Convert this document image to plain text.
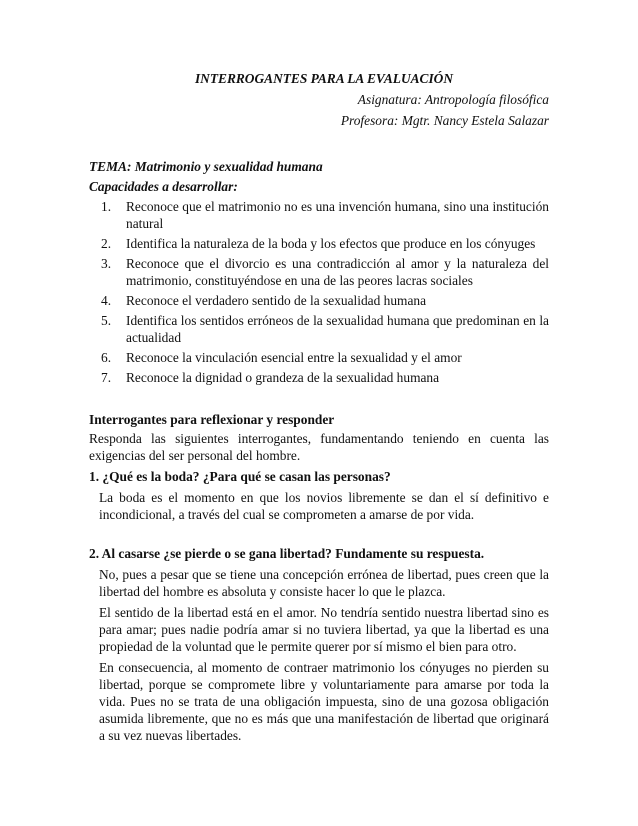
INTERROGANTES PARA LA EVALUACIÓN

Asignatura: Antropología filosófica

Profesora: Mgtr. Nancy Estela Salazar

TEMA: Matrimonio y sexualidad humana

Capacidades a desarrollar:

1.	Reconoce que el matrimonio no es una invención humana, sino una institución natural
2.	Identifica la naturaleza de la boda y los efectos que produce en los cónyuges
3.	Reconoce que el divorcio es una contradicción al amor y la naturaleza del matrimonio, constituyéndose en una de las peores lacras sociales
4.	Reconoce el verdadero sentido de la sexualidad humana
5.	Identifica los sentidos erróneos de la sexualidad humana que predominan en la actualidad
6.	Reconoce la vinculación esencial entre la sexualidad y el amor
7.	Reconoce la dignidad o grandeza de la sexualidad humana

Interrogantes para reflexionar y responder

Responda las siguientes interrogantes, fundamentando teniendo en cuenta las exigencias del ser personal del hombre.

1. ¿Qué es la boda? ¿Para qué se casan las personas?

La boda es el momento en que los novios libremente se dan el sí definitivo e incondicional, a través del cual se comprometen a amarse de por vida.

2. Al casarse ¿se pierde o se gana libertad? Fundamente su respuesta.

No, pues a pesar que se tiene una concepción errónea de libertad, pues creen que la libertad del hombre es absoluta y consiste hacer lo que le plazca.

El sentido de la libertad está en el amor. No tendría sentido nuestra libertad sino es para amar; pues nadie podría amar si no tuviera libertad, ya que la libertad es una propiedad de la voluntad que le permite querer por sí mismo el bien para otro.

En consecuencia, al momento de contraer matrimonio los cónyuges no pierden su libertad, porque se compromete libre y voluntariamente para amarse por toda la vida. Pues no se trata de una obligación impuesta, sino de una gozosa obligación asumida libremente, que no es más que una manifestación de libertad que originará a su vez nuevas libertades.
